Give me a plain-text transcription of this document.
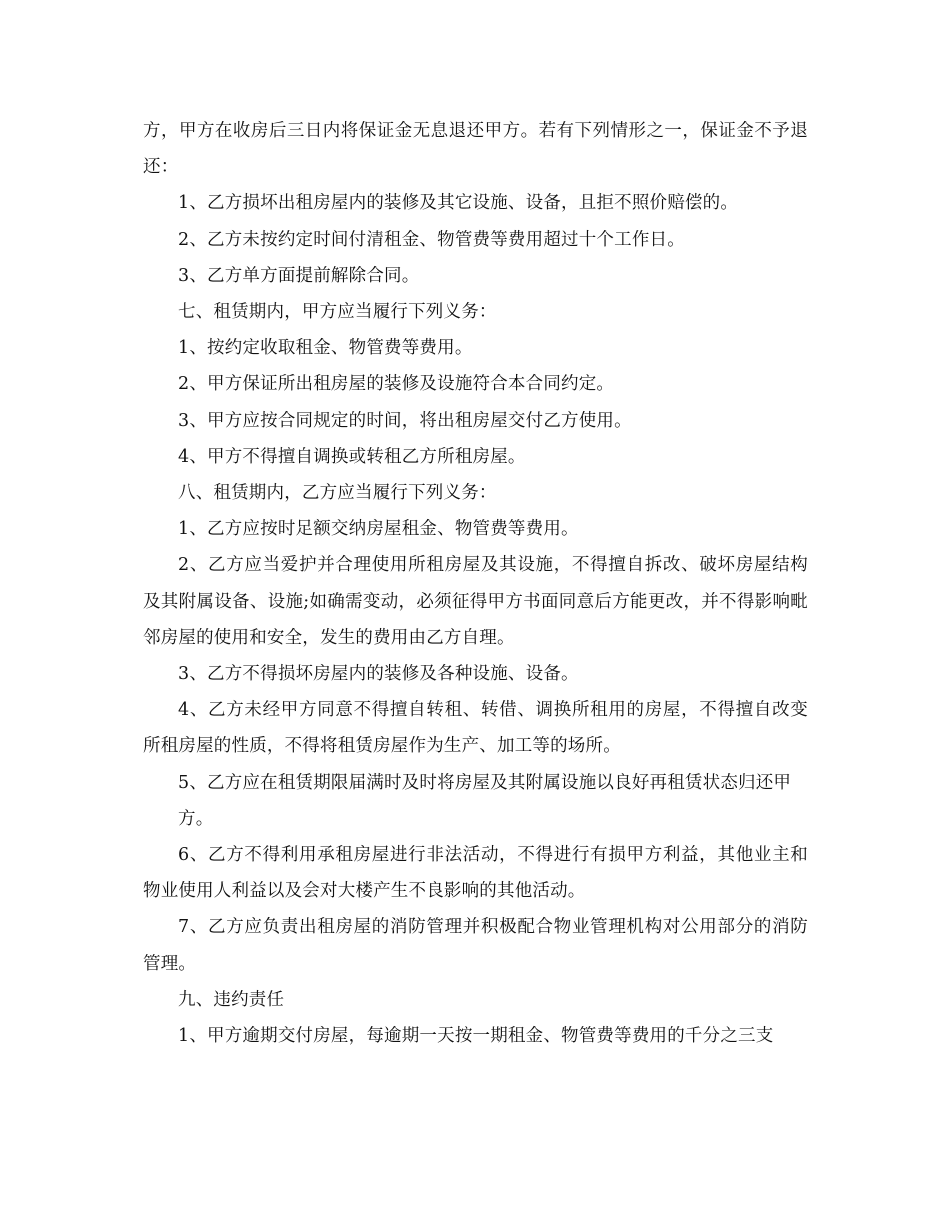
方，甲方在收房后三日内将保证金无息退还甲方。若有下列情形之一，保证金不予退还：

1、乙方损坏出租房屋内的装修及其它设施、设备，且拒不照价赔偿的。

2、乙方未按约定时间付清租金、物管费等费用超过十个工作日。

3、乙方单方面提前解除合同。

七、租赁期内，甲方应当履行下列义务：

1、按约定收取租金、物管费等费用。

2、甲方保证所出租房屋的装修及设施符合本合同约定。

3、甲方应按合同规定的时间，将出租房屋交付乙方使用。

4、甲方不得擅自调换或转租乙方所租房屋。

八、租赁期内，乙方应当履行下列义务：

1、乙方应按时足额交纳房屋租金、物管费等费用。

2、乙方应当爱护并合理使用所租房屋及其设施，不得擅自拆改、破坏房屋结构及其附属设备、设施;如确需变动，必须征得甲方书面同意后方能更改，并不得影响毗邻房屋的使用和安全，发生的费用由乙方自理。

3、乙方不得损坏房屋内的装修及各种设施、设备。

4、乙方未经甲方同意不得擅自转租、转借、调换所租用的房屋，不得擅自改变所租房屋的性质，不得将租赁房屋作为生产、加工等的场所。

5、乙方应在租赁期限届满时及时将房屋及其附属设施以良好再租赁状态归还甲

方。

6、乙方不得利用承租房屋进行非法活动，不得进行有损甲方利益，其他业主和物业使用人利益以及会对大楼产生不良影响的其他活动。

7、乙方应负责出租房屋的消防管理并积极配合物业管理机构对公用部分的消防管理。

九、违约责任

1、甲方逾期交付房屋，每逾期一天按一期租金、物管费等费用的千分之三支
